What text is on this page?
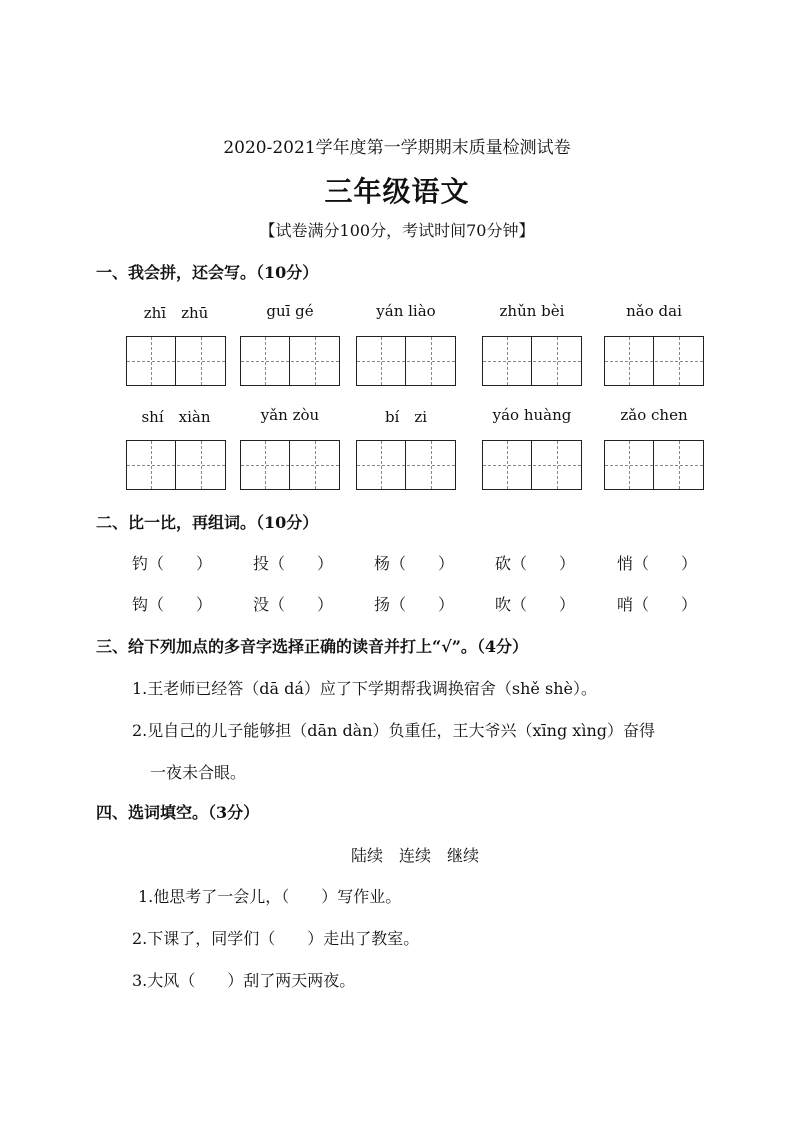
2020-2021学年度第一学期期末质量检测试卷
三年级语文
【试卷满分100分，考试时间70分钟】
一、我会拼，还会写。（10分）
zhī　zhū	guī gé	yán liào	zhǔn bèi	nǎo dai
shí　xiàn	yǎn zòu	bí　zi	yáo huàng	zǎo chen
二、比一比，再组词。（10分）
钓（　　）	投（　　）	杨（　　）	砍（　　）	悄（　　）
钩（　　）	没（　　）	扬（　　）	吹（　　）	哨（　　）
三、给下列加点的多音字选择正确的读音并打上“√”。（4分）
1.王老师已经答（dā dá）应了下学期帮我调换宿舍（shě shè）。
2.见自己的儿子能够担（dān dàn）负重任，王大爷兴（xīng xìng）奋得
一夜未合眼。
四、选词填空。（3分）
陆续　连续　继续
1.他思考了一会儿，（　　）写作业。
2.下课了，同学们（　　）走出了教室。
3.大风（　　）刮了两天两夜。
